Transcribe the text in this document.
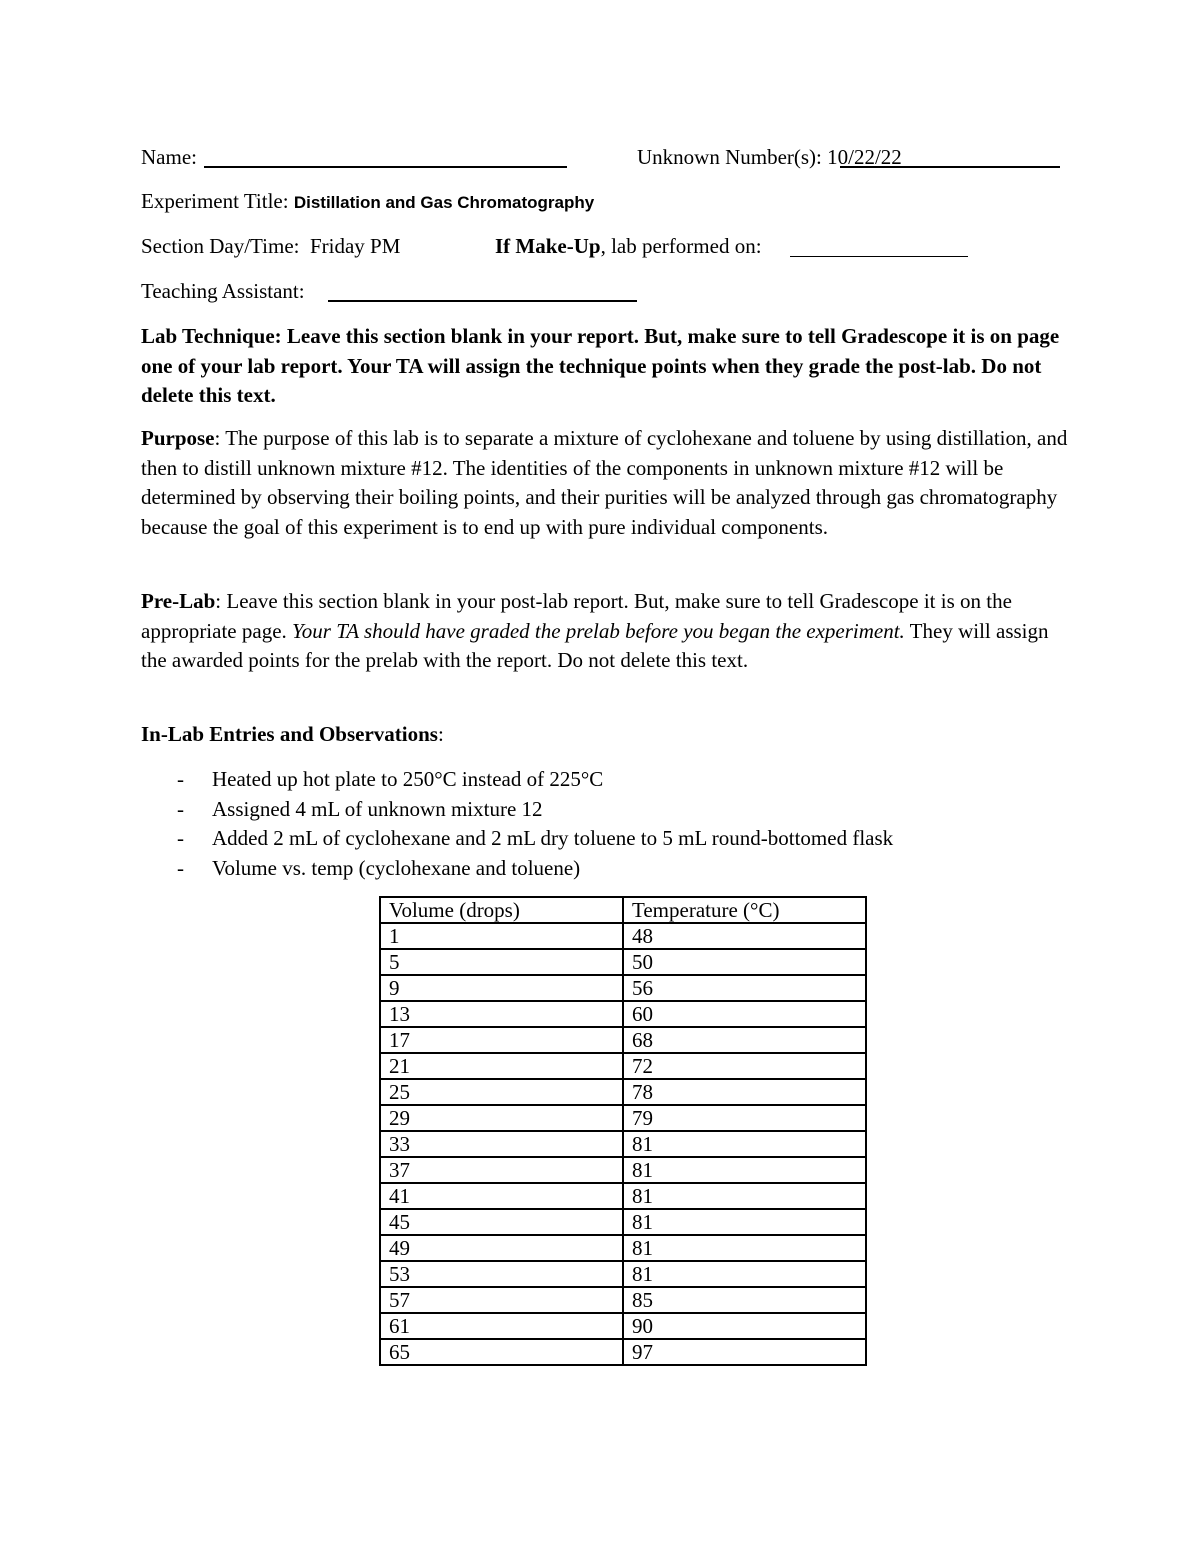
Name:	Unknown Number(s): 10/22/22
Experiment Title: Distillation and Gas Chromatography
Section Day/Time: Friday PM	If Make-Up, lab performed on:
Teaching Assistant:
Lab Technique: Leave this section blank in your report. But, make sure to tell Gradescope it is on page one of your lab report. Your TA will assign the technique points when they grade the post-lab. Do not delete this text.
Purpose: The purpose of this lab is to separate a mixture of cyclohexane and toluene by using distillation, and then to distill unknown mixture #12. The identities of the components in unknown mixture #12 will be determined by observing their boiling points, and their purities will be analyzed through gas chromatography because the goal of this experiment is to end up with pure individual components.
Pre-Lab: Leave this section blank in your post-lab report. But, make sure to tell Gradescope it is on the appropriate page. Your TA should have graded the prelab before you began the experiment. They will assign the awarded points for the prelab with the report. Do not delete this text.
In-Lab Entries and Observations:
- Heated up hot plate to 250°C instead of 225°C
- Assigned 4 mL of unknown mixture 12
- Added 2 mL of cyclohexane and 2 mL dry toluene to 5 mL round-bottomed flask
- Volume vs. temp (cyclohexane and toluene)
Volume (drops)	Temperature (°C)
1	48
5	50
9	56
13	60
17	68
21	72
25	78
29	79
33	81
37	81
41	81
45	81
49	81
53	81
57	85
61	90
65	97
